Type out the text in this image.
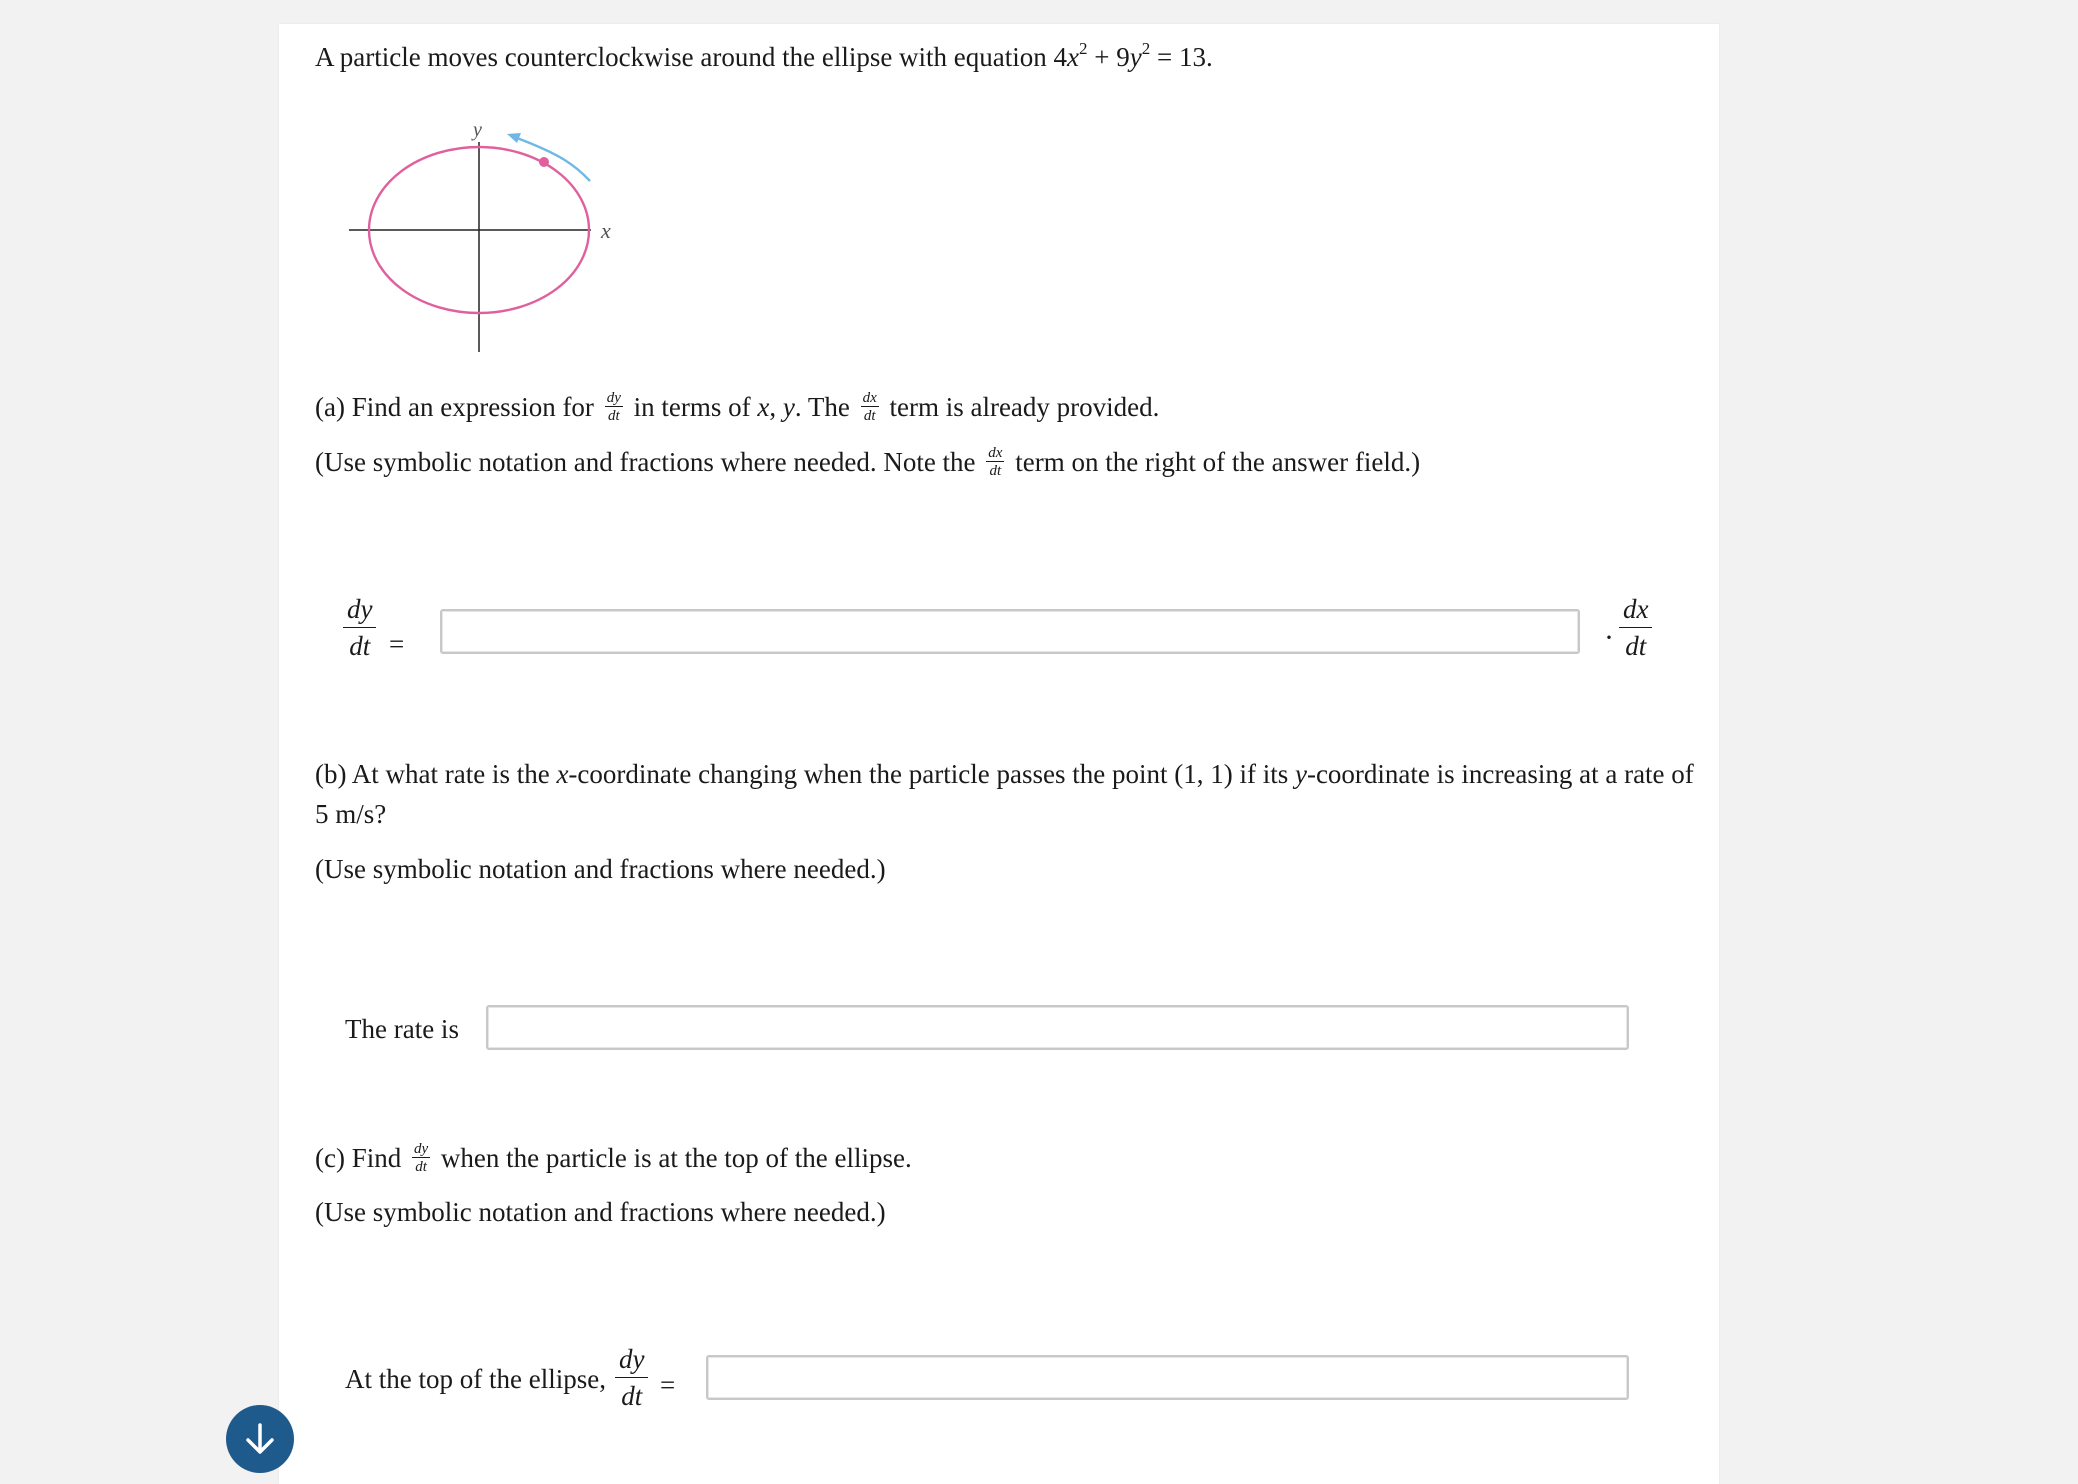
A particle moves counterclockwise around the ellipse with equation $4x^2 + 9y^2 = 13$.
y
x
(a) Find an expression for $\frac{dy}{dt}$ in terms of x, y. The $\frac{dx}{dt}$ term is already provided.
(Use symbolic notation and fractions where needed. Note the $\frac{dx}{dt}$ term on the right of the answer field.)
$\frac{dy}{dt}$ =	· $\frac{dx}{dt}$
(b) At what rate is the x-coordinate changing when the particle passes the point (1, 1) if its y-coordinate is increasing at a rate of
5 m/s?
(Use symbolic notation and fractions where needed.)
The rate is
(c) Find $\frac{dy}{dt}$ when the particle is at the top of the ellipse.
(Use symbolic notation and fractions where needed.)
At the top of the ellipse, $\frac{dy}{dt}$ =
